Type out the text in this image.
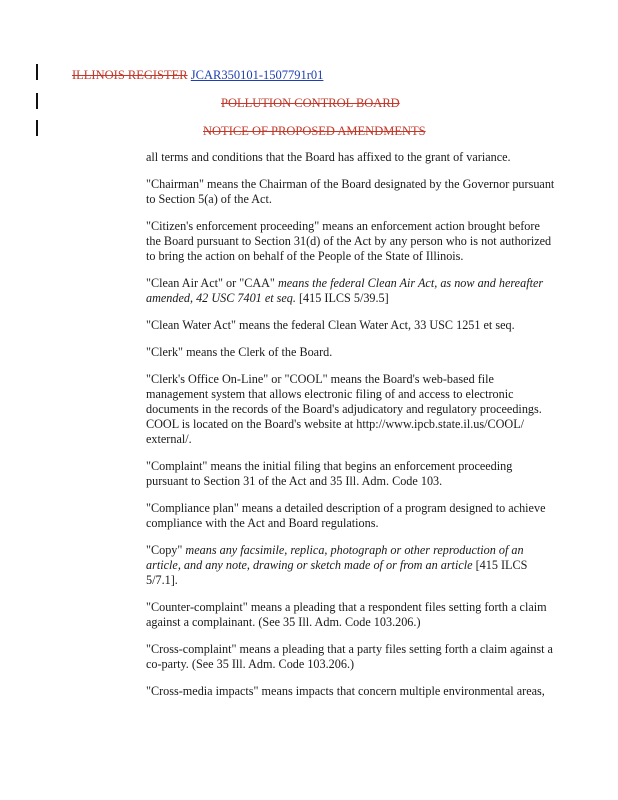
ILLINOIS REGISTER JCAR350101-1507791r01
POLLUTION CONTROL BOARD
NOTICE OF PROPOSED AMENDMENTS

all terms and conditions that the Board has affixed to the grant of variance.

"Chairman" means the Chairman of the Board designated by the Governor pursuant to Section 5(a) of the Act.

"Citizen's enforcement proceeding" means an enforcement action brought before the Board pursuant to Section 31(d) of the Act by any person who is not authorized to bring the action on behalf of the People of the State of Illinois.

"Clean Air Act" or "CAA" means the federal Clean Air Act, as now and hereafter amended, 42 USC 7401 et seq. [415 ILCS 5/39.5]

"Clean Water Act" means the federal Clean Water Act, 33 USC 1251 et seq.

"Clerk" means the Clerk of the Board.

"Clerk's Office On-Line" or "COOL" means the Board's web-based file management system that allows electronic filing of and access to electronic documents in the records of the Board's adjudicatory and regulatory proceedings. COOL is located on the Board's website at http://www.ipcb.state.il.us/COOL/ external/.

"Complaint" means the initial filing that begins an enforcement proceeding pursuant to Section 31 of the Act and 35 Ill. Adm. Code 103.

"Compliance plan" means a detailed description of a program designed to achieve compliance with the Act and Board regulations.

"Copy" means any facsimile, replica, photograph or other reproduction of an article, and any note, drawing or sketch made of or from an article [415 ILCS 5/7.1].

"Counter-complaint" means a pleading that a respondent files setting forth a claim against a complainant. (See 35 Ill. Adm. Code 103.206.)

"Cross-complaint" means a pleading that a party files setting forth a claim against a co-party. (See 35 Ill. Adm. Code 103.206.)

"Cross-media impacts" means impacts that concern multiple environmental areas,
